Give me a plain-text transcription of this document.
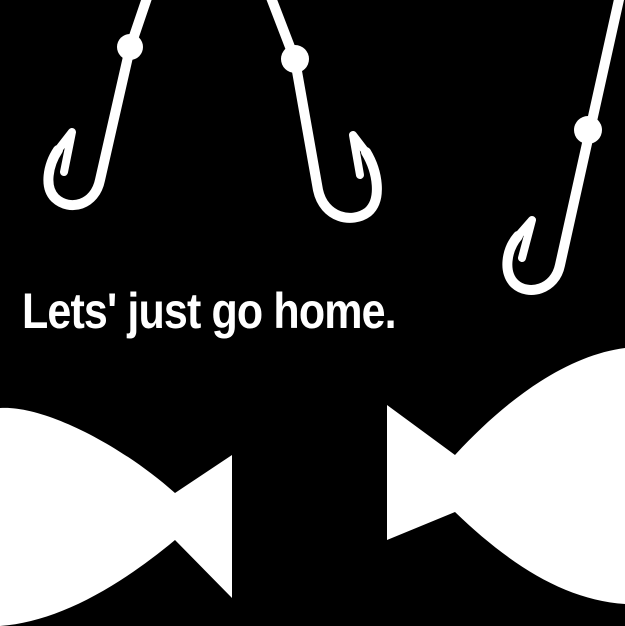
Lets' just go home.
